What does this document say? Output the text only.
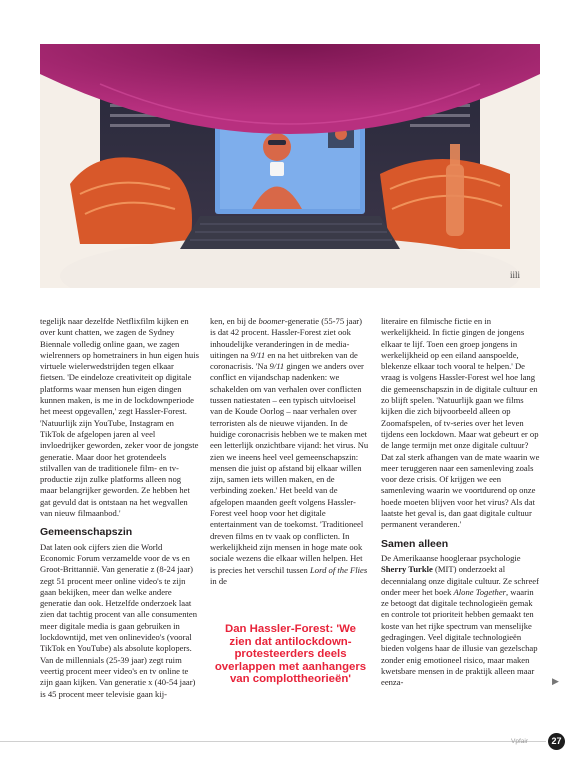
iili

tegelijk naar dezelfde Netflixfilm kijken en over kunt chatten, we zagen de Sydney Biennale volledig online gaan, we zagen wielrenners op hometrainers in hun eigen huis virtuele wielerwedstrijden tegen elkaar fietsen. 'De eindeloze creativiteit op digitale platforms waar mensen hun eigen dingen kunnen maken, is me in de lockdownperiode het meest opgevallen,' zegt Hassler-Forest. 'Natuurlijk zijn YouTube, Instagram en TikTok de afgelopen jaren al veel invloedrijker geworden, zeker voor de jongste generatie. Maar door het grotendeels stilvallen van de traditionele film- en tv-productie zijn zulke platforms alleen nog maar belangrijker geworden. Ze hebben het gat gevuld dat is ontstaan na het wegvallen van nieuw filmaanbod.'

Gemeenschapszin

Dat laten ook cijfers zien die World Economic Forum verzamelde voor de vs en Groot-Brittannië. Van generatie z (8-24 jaar) zegt 51 procent meer online video's te zijn gaan bekijken, meer dan welke andere generatie dan ook. Hetzelfde onderzoek laat zien dat tachtig procent van alle consumenten meer digitale media is gaan gebruiken in lockdowntijd, met ven onlinevideo's (vooral TikTok en YouTube) als absolute koplopers. Van de millennials (25-39 jaar) zegt ruim veertig procent meer video's en tv online te zijn gaan kijken. Van generatie x (40-54 jaar) is 45 procent meer televisie gaan kij-

ken, en bij de boomer-generatie (55-75 jaar) is dat 42 procent. Hassler-Forest ziet ook inhoudelijke veranderingen in de media-uitingen na 9/11 en na het uitbreken van de coronacrisis. 'Na 9/11 gingen we anders over conflict en vijandschap nadenken: we schakelden om van verhalen over conflicten tussen natiestaten – een typisch uitvloeisel van de Koude Oorlog – naar verhalen over terroristen als de nieuwe vijanden. In de huidige coronacrisis hebben we te maken met een letterlijk onzichtbare vijand: het virus. Nu zien we ineens heel veel gemeenschapszin: mensen die juist op afstand bij elkaar willen zijn, samen iets willen maken, en de verbinding zoeken.' Het beeld van de afgelopen maanden geeft volgens Hassler-Forest veel hoop voor het digitale entertainment van de toekomst. 'Traditioneel dreven films en tv vaak op conflicten. In werkelijkheid zijn mensen in hoge mate ook sociale wezens die elkaar willen helpen. Het is precies het verschil tussen Lord of the Flies in de

Dan Hassler-Forest: 'We zien dat antilockdown-protesteerders deels overlappen met aanhangers van complottheorieën'

literaire en filmische fictie en in werkelijkheid. In fictie gingen de jongens elkaar te lijf. Toen een groep jongens in werkelijkheid op een eiland aanspoelde, blekenze elkaar toch vooral te helpen.' De vraag is volgens Hassler-Forest wel hoe lang die gemeenschapszin in de digitale cultuur en zo blijft spelen. 'Natuurlijk gaan we films kijken die zich bijvoorbeeld alleen op Zoomafspelen, of tv-series over het leven tijdens een lockdown. Maar wat gebeurt er op de lange termijn met onze digitale cultuur? Dat zal sterk afhangen van de mate waarin we meer teruggeren naar een samenleving zoals voor deze crisis. Of krijgen we een samenleving waarin we voortdurend op onze hoede moeten blijven voor het virus? Als dat laatste het geval is, dan gaat digitale cultuur permanent veranderen.'

Samen alleen

De Amerikaanse hoogleraar psychologie Sherry Turkle (MIT) onderzoekt al decennialang onze digitale cultuur. Ze schreef onder meer het boek Alone Together, waarin ze betoogt dat digitale technologieën gemak en controle tot prioriteit hebben gemaakt ten koste van het rijke spectrum van menselijke gedragingen. Veel digitale technologieën bieden volgens haar de illusie van gezelschap zonder enig emotioneel risico, maar maken kwetsbare mensen in de praktijk alleen maar eenza-	▶
Vpfair	27
